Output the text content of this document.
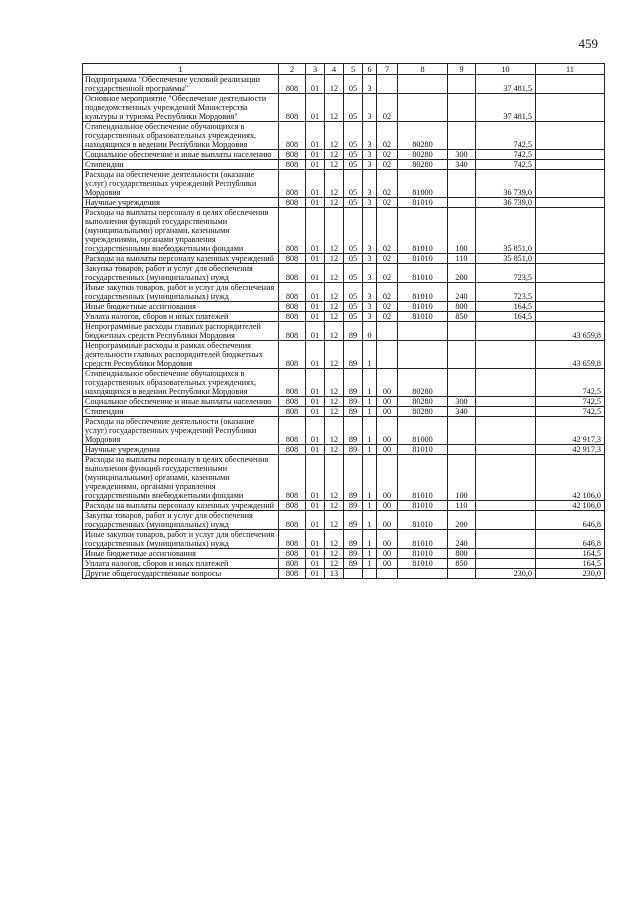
459
1	2	3	4	5	6	7	8	9	10	11
Подпрограмма "Обеспечение условий реализации государственной программы"	808	01	12	05	3				37 481,5	
Основное мероприятие "Обеспечение деятельности подведомственных учреждений Министерства культуры и туризма Республики Мордовия"	808	01	12	05	3	02			37 481,5	
Стипендиальное обеспечение обучающихся в государственных образовательных учреждениях, находящихся в ведении Республики Мордовия	808	01	12	05	3	02	80280		742,5	
Социальное обеспечение и иные выплаты населению	808	01	12	05	3	02	80280	300	742,5	
Стипендии	808	01	12	05	3	02	80280	340	742,5	
Расходы на обеспечение деятельности (оказание услуг) государственных учреждений Республики Мордовия	808	01	12	05	3	02	81000		36 739,0	
Научные учреждения	808	01	12	05	3	02	81010		36 739,0	
Расходы на выплаты персоналу в целях обеспечения выполнения функций государственными (муниципальными) органами, казенными учреждениями, органами управления государственными внебюджетными фондами	808	01	12	05	3	02	81010	100	35 851,0	
Расходы на выплаты персоналу казенных учреждений	808	01	12	05	3	02	81010	110	35 851,0	
Закупка товаров, работ и услуг для обеспечения государственных (муниципальных) нужд	808	01	12	05	3	02	81010	200	723,5	
Иные закупки товаров, работ и услуг для обеспечения государственных (муниципальных) нужд	808	01	12	05	3	02	81010	240	723,5	
Иные бюджетные ассигнования	808	01	12	05	3	02	81010	800	164,5	
Уплата налогов, сборов и иных платежей	808	01	12	05	3	02	81010	850	164,5	
Непрограммные расходы главных распорядителей бюджетных средств Республики Мордовия	808	01	12	89	0					43 659,8
Непрограммные расходы в рамках обеспечения деятельности главных распорядителей бюджетных средств Республики Мордовия	808	01	12	89	1					43 659,8
Стипендиальное обеспечение обучающихся в государственных образовательных учреждениях, находящихся в ведении Республики Мордовия	808	01	12	89	1	00	80280			742,5
Социальное обеспечение и иные выплаты населению	808	01	12	89	1	00	80280	300		742,5
Стипендии	808	01	12	89	1	00	80280	340		742,5
Расходы на обеспечение деятельности (оказание услуг) государственных учреждений Республики Мордовия	808	01	12	89	1	00	81000			42 917,3
Научные учреждения	808	01	12	89	1	00	81010			42 917,3
Расходы на выплаты персоналу в целях обеспечения выполнения функций государственными (муниципальными) органами, казенными учреждениями, органами управления государственными внебюджетными фондами	808	01	12	89	1	00	81010	100		42 106,0
Расходы на выплаты персоналу казенных учреждений	808	01	12	89	1	00	81010	110		42 106,0
Закупка товаров, работ и услуг для обеспечения государственных (муниципальных) нужд	808	01	12	89	1	00	81010	200		646,8
Иные закупки товаров, работ и услуг для обеспечения государственных (муниципальных) нужд	808	01	12	89	1	00	81010	240		646,8
Иные бюджетные ассигнования	808	01	12	89	1	00	81010	800		164,5
Уплата налогов, сборов и иных платежей	808	01	12	89	1	00	81010	850		164,5
Другие общегосударственные вопросы	808	01	13						230,0	230,0
